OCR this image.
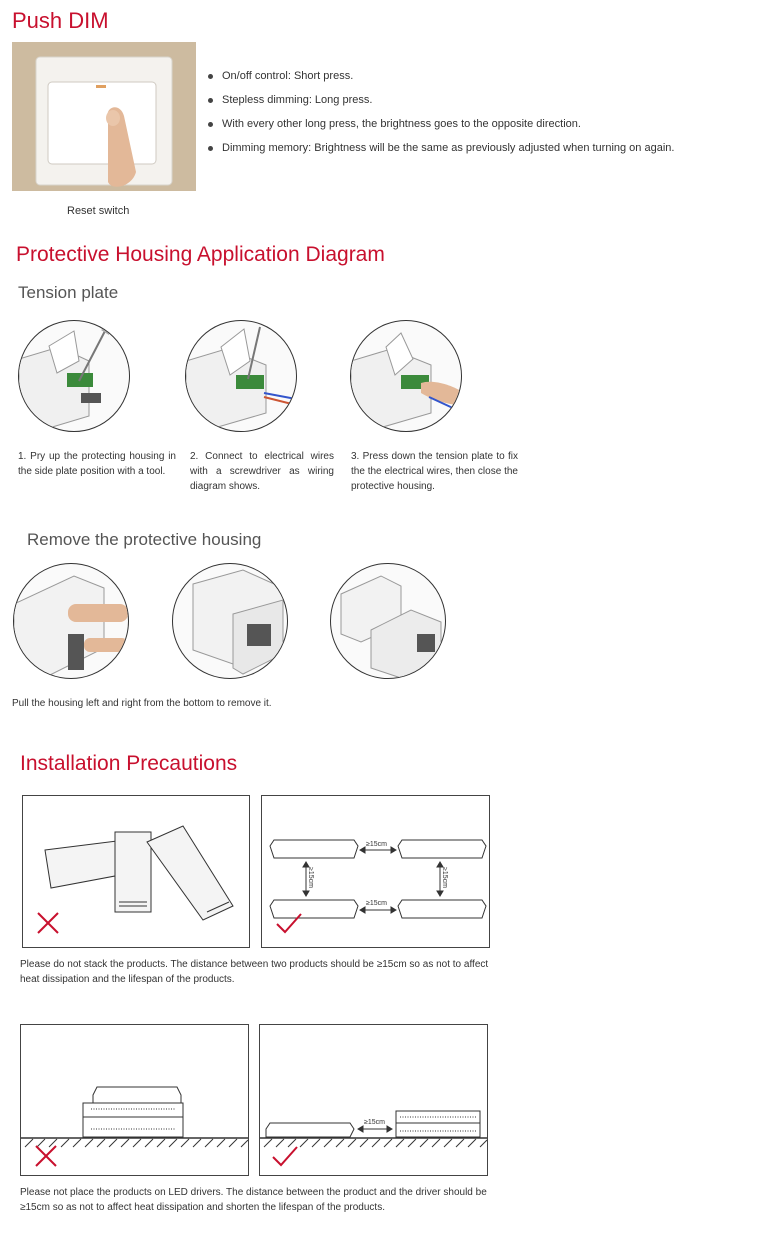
Push DIM
Reset switch
On/off control: Short press.
Stepless dimming: Long press.
With every other long press, the brightness goes to the opposite direction.
Dimming memory: Brightness will be the same as previously adjusted when turning on again.
Protective Housing Application Diagram
Tension plate
1. Pry up the protecting housing in the side plate position with a tool.
2. Connect to electrical wires with a screwdriver as wiring diagram shows.
3. Press down the tension plate to fix the the electrical wires, then close the protective housing.
Remove the protective housing
Pull the housing left and right from the bottom to remove it.
Installation Precautions
≥15cm
≥15cm
≥15cm	≥15cm
Please do not stack the products. The distance between two products should be ≥15cm so as not to affect heat dissipation and the lifespan of the products.
≥15cm
Please not place the products on LED drivers. The distance between the product and the driver should be ≥15cm so as not to affect heat dissipation and shorten the lifespan of the products.
